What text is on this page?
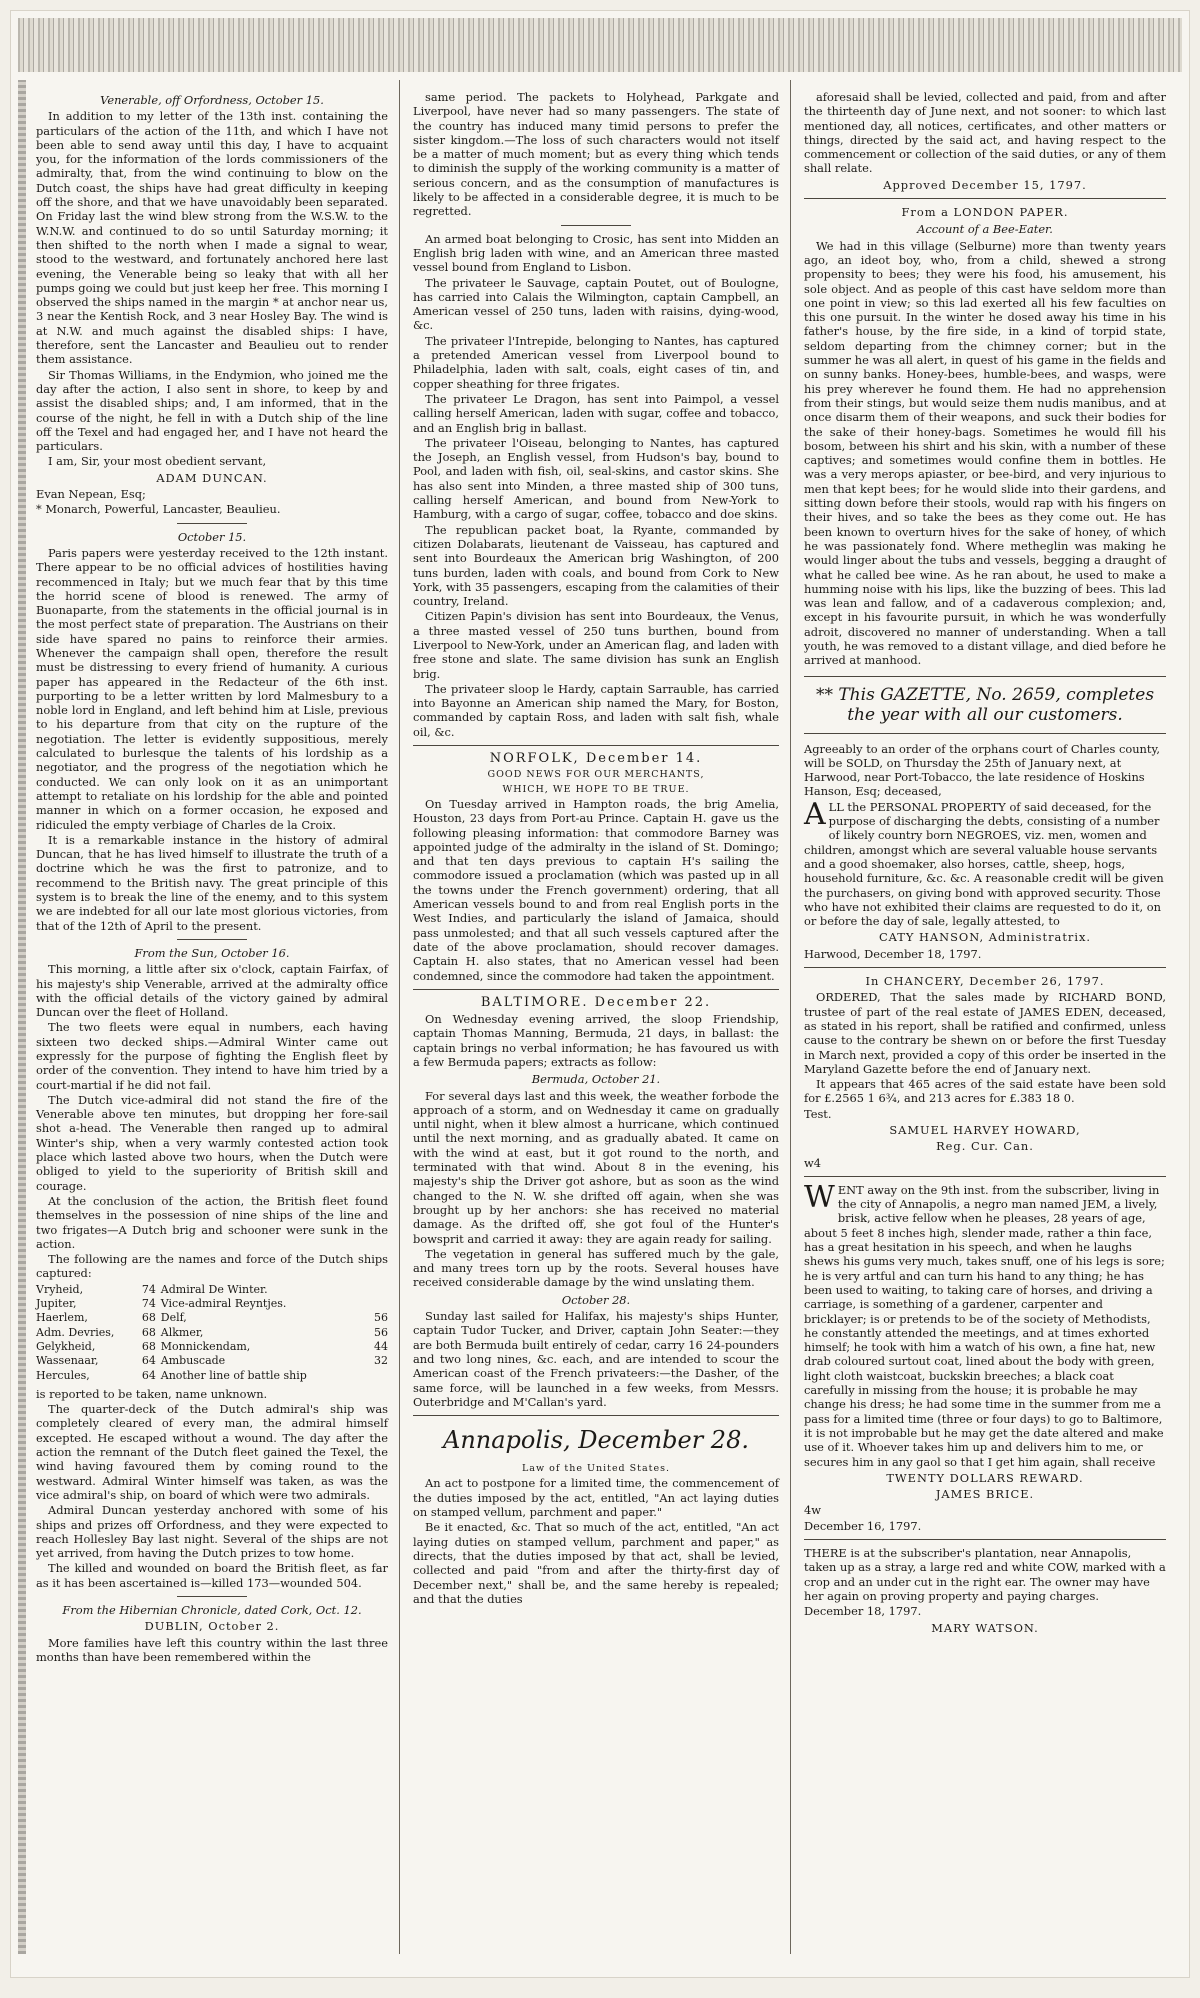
Venerable, off Orfordness, October 15.

In addition to my letter of the 13th inst. containing the particulars of the action of the 11th, and which I have not been able to send away until this day, I have to acquaint you, for the information of the lords commissioners of the admiralty, that, from the wind continuing to blow on the Dutch coast, the ships have had great difficulty in keeping off the shore, and that we have unavoidably been separated. On Friday last the wind blew strong from the W.S.W. to the W.N.W. and continued to do so until Saturday morning; it then shifted to the north when I made a signal to wear, stood to the westward, and fortunately anchored here last evening, the Venerable being so leaky that with all her pumps going we could but just keep her free. This morning I observed the ships named in the margin * at anchor near us, 3 near the Kentish Rock, and 3 near Hosley Bay. The wind is at N.W. and much against the disabled ships: I have, therefore, sent the Lancaster and Beaulieu out to render them assistance.

Sir Thomas Williams, in the Endymion, who joined me the day after the action, I also sent in shore, to keep by and assist the disabled ships; and, I am informed, that in the course of the night, he fell in with a Dutch ship of the line off the Texel and had engaged her, and I have not heard the particulars.

I am, Sir, your most obedient servant,

ADAM DUNCAN.

Evan Nepean, Esq;

* Monarch, Powerful, Lancaster, Beaulieu.

October 15.

Paris papers were yesterday received to the 12th instant. There appear to be no official advices of hostilities having recommenced in Italy; but we much fear that by this time the horrid scene of blood is renewed. The army of Buonaparte, from the statements in the official journal is in the most perfect state of preparation. The Austrians on their side have spared no pains to reinforce their armies. Whenever the campaign shall open, therefore the result must be distressing to every friend of humanity. A curious paper has appeared in the Redacteur of the 6th inst. purporting to be a letter written by lord Malmesbury to a noble lord in England, and left behind him at Lisle, previous to his departure from that city on the rupture of the negotiation. The letter is evidently suppositious, merely calculated to burlesque the talents of his lordship as a negotiator, and the progress of the negotiation which he conducted. We can only look on it as an unimportant attempt to retaliate on his lordship for the able and pointed manner in which on a former occasion, he exposed and ridiculed the empty verbiage of Charles de la Croix.

It is a remarkable instance in the history of admiral Duncan, that he has lived himself to illustrate the truth of a doctrine which he was the first to patronize, and to recommend to the British navy. The great principle of this system is to break the line of the enemy, and to this system we are indebted for all our late most glorious victories, from that of the 12th of April to the present.

From the Sun, October 16.

This morning, a little after six o'clock, captain Fairfax, of his majesty's ship Venerable, arrived at the admiralty office with the official details of the victory gained by admiral Duncan over the fleet of Holland.

The two fleets were equal in numbers, each having sixteen two decked ships.—Admiral Winter came out expressly for the purpose of fighting the English fleet by order of the convention. They intend to have him tried by a court-martial if he did not fail.

The Dutch vice-admiral did not stand the fire of the Venerable above ten minutes, but dropping her fore-sail shot a-head. The Venerable then ranged up to admiral Winter's ship, when a very warmly contested action took place which lasted above two hours, when the Dutch were obliged to yield to the superiority of British skill and courage.

At the conclusion of the action, the British fleet found themselves in the possession of nine ships of the line and two frigates—A Dutch brig and schooner were sunk in the action.

The following are the names and force of the Dutch ships captured:

Vryheid,	74	Admiral De Winter.	
Jupiter,	74	Vice-admiral Reyntjes.	
Haerlem,	68	Delf,	56
Adm. Devries,	68	Alkmer,	56
Gelykheid,	68	Monnickendam,	44
Wassenaar,	64	Ambuscade	32
Hercules,	64	Another line of battle ship	

is reported to be taken, name unknown.

The quarter-deck of the Dutch admiral's ship was completely cleared of every man, the admiral himself excepted. He escaped without a wound. The day after the action the remnant of the Dutch fleet gained the Texel, the wind having favoured them by coming round to the westward. Admiral Winter himself was taken, as was the vice admiral's ship, on board of which were two admirals.

Admiral Duncan yesterday anchored with some of his ships and prizes off Orfordness, and they were expected to reach Hollesley Bay last night. Several of the ships are not yet arrived, from having the Dutch prizes to tow home.

The killed and wounded on board the British fleet, as far as it has been ascertained is—killed 173—wounded 504.

From the Hibernian Chronicle, dated Cork, Oct. 12.

DUBLIN, October 2.

More families have left this country within the last three months than have been remembered within the

same period. The packets to Holyhead, Parkgate and Liverpool, have never had so many passengers. The state of the country has induced many timid persons to prefer the sister kingdom.—The loss of such characters would not itself be a matter of much moment; but as every thing which tends to diminish the supply of the working community is a matter of serious concern, and as the consumption of manufactures is likely to be affected in a considerable degree, it is much to be regretted.

An armed boat belonging to Crosic, has sent into Midden an English brig laden with wine, and an American three masted vessel bound from England to Lisbon.

The privateer le Sauvage, captain Poutet, out of Boulogne, has carried into Calais the Wilmington, captain Campbell, an American vessel of 250 tuns, laden with raisins, dying-wood, &c.

The privateer l'Intrepide, belonging to Nantes, has captured a pretended American vessel from Liverpool bound to Philadelphia, laden with salt, coals, eight cases of tin, and copper sheathing for three frigates.

The privateer Le Dragon, has sent into Paimpol, a vessel calling herself American, laden with sugar, coffee and tobacco, and an English brig in ballast.

The privateer l'Oiseau, belonging to Nantes, has captured the Joseph, an English vessel, from Hudson's bay, bound to Pool, and laden with fish, oil, seal-skins, and castor skins. She has also sent into Minden, a three masted ship of 300 tuns, calling herself American, and bound from New-York to Hamburg, with a cargo of sugar, coffee, tobacco and doe skins.

The republican packet boat, la Ryante, commanded by citizen Dolabarats, lieutenant de Vaisseau, has captured and sent into Bourdeaux the American brig Washington, of 200 tuns burden, laden with coals, and bound from Cork to New York, with 35 passengers, escaping from the calamities of their country, Ireland.

Citizen Papin's division has sent into Bourdeaux, the Venus, a three masted vessel of 250 tuns burthen, bound from Liverpool to New-York, under an American flag, and laden with free stone and slate. The same division has sunk an English brig.

The privateer sloop le Hardy, captain Sarrauble, has carried into Bayonne an American ship named the Mary, for Boston, commanded by captain Ross, and laden with salt fish, whale oil, &c.

NORFOLK, December 14.

GOOD NEWS FOR OUR MERCHANTS,

WHICH, WE HOPE TO BE TRUE.

On Tuesday arrived in Hampton roads, the brig Amelia, Houston, 23 days from Port-au Prince. Captain H. gave us the following pleasing information: that commodore Barney was appointed judge of the admiralty in the island of St. Domingo; and that ten days previous to captain H's sailing the commodore issued a proclamation (which was pasted up in all the towns under the French government) ordering, that all American vessels bound to and from real English ports in the West Indies, and particularly the island of Jamaica, should pass unmolested; and that all such vessels captured after the date of the above proclamation, should recover damages. Captain H. also states, that no American vessel had been condemned, since the commodore had taken the appointment.

BALTIMORE. December 22.

On Wednesday evening arrived, the sloop Friendship, captain Thomas Manning, Bermuda, 21 days, in ballast: the captain brings no verbal information; he has favoured us with a few Bermuda papers; extracts as follow:

Bermuda, October 21.

For several days last and this week, the weather forbode the approach of a storm, and on Wednesday it came on gradually until night, when it blew almost a hurricane, which continued until the next morning, and as gradually abated. It came on with the wind at east, but it got round to the north, and terminated with that wind. About 8 in the evening, his majesty's ship the Driver got ashore, but as soon as the wind changed to the N. W. she drifted off again, when she was brought up by her anchors: she has received no material damage. As the drifted off, she got foul of the Hunter's bowsprit and carried it away: they are again ready for sailing.

The vegetation in general has suffered much by the gale, and many trees torn up by the roots. Several houses have received considerable damage by the wind unslating them.

October 28.

Sunday last sailed for Halifax, his majesty's ships Hunter, captain Tudor Tucker, and Driver, captain John Seater:—they are both Bermuda built entirely of cedar, carry 16 24-pounders and two long nines, &c. each, and are intended to scour the American coast of the French privateers:—the Dasher, of the same force, will be launched in a few weeks, from Messrs. Outerbridge and M'Callan's yard.

Annapolis, December 28.

Law of the United States.

An act to postpone for a limited time, the commencement of the duties imposed by the act, entitled, "An act laying duties on stamped vellum, parchment and paper."

Be it enacted, &c. That so much of the act, entitled, "An act laying duties on stamped vellum, parchment and paper," as directs, that the duties imposed by that act, shall be levied, collected and paid "from and after the thirty-first day of December next," shall be, and the same hereby is repealed; and that the duties

aforesaid shall be levied, collected and paid, from and after the thirteenth day of June next, and not sooner: to which last mentioned day, all notices, certificates, and other matters or things, directed by the said act, and having respect to the commencement or collection of the said duties, or any of them shall relate.

Approved December 15, 1797.

From a LONDON PAPER.

Account of a Bee-Eater.

We had in this village (Selburne) more than twenty years ago, an ideot boy, who, from a child, shewed a strong propensity to bees; they were his food, his amusement, his sole object. And as people of this cast have seldom more than one point in view; so this lad exerted all his few faculties on this one pursuit. In the winter he dosed away his time in his father's house, by the fire side, in a kind of torpid state, seldom departing from the chimney corner; but in the summer he was all alert, in quest of his game in the fields and on sunny banks. Honey-bees, humble-bees, and wasps, were his prey wherever he found them. He had no apprehension from their stings, but would seize them nudis manibus, and at once disarm them of their weapons, and suck their bodies for the sake of their honey-bags. Sometimes he would fill his bosom, between his shirt and his skin, with a number of these captives; and sometimes would confine them in bottles. He was a very merops apiaster, or bee-bird, and very injurious to men that kept bees; for he would slide into their gardens, and sitting down before their stools, would rap with his fingers on their hives, and so take the bees as they come out. He has been known to overturn hives for the sake of honey, of which he was passionately fond. Where metheglin was making he would linger about the tubs and vessels, begging a draught of what he called bee wine. As he ran about, he used to make a humming noise with his lips, like the buzzing of bees. This lad was lean and fallow, and of a cadaverous complexion; and, except in his favourite pursuit, in which he was wonderfully adroit, discovered no manner of understanding. When a tall youth, he was removed to a distant village, and died before he arrived at manhood.

** This GAZETTE, No. 2659, completes the year with all our customers.

Agreeably to an order of the orphans court of Charles county, will be SOLD, on Thursday the 25th of January next, at Harwood, near Port-Tobacco, the late residence of Hoskins Hanson, Esq; deceased,

ALL the PERSONAL PROPERTY of said deceased, for the purpose of discharging the debts, consisting of a number of likely country born NEGROES, viz. men, women and children, amongst which are several valuable house servants and a good shoemaker, also horses, cattle, sheep, hogs, household furniture, &c. &c. A reasonable credit will be given the purchasers, on giving bond with approved security. Those who have not exhibited their claims are requested to do it, on or before the day of sale, legally attested, to

CATY HANSON, Administratrix.

Harwood, December 18, 1797.

In CHANCERY, December 26, 1797.

ORDERED, That the sales made by RICHARD BOND, trustee of part of the real estate of JAMES EDEN, deceased, as stated in his report, shall be ratified and confirmed, unless cause to the contrary be shewn on or before the first Tuesday in March next, provided a copy of this order be inserted in the Maryland Gazette before the end of January next.

It appears that 465 acres of the said estate have been sold for £.2565 1 6¾, and 213 acres for £.383 18 0.

Test.

SAMUEL HARVEY HOWARD,

Reg. Cur. Can.

w4

WENT away on the 9th inst. from the subscriber, living in the city of Annapolis, a negro man named JEM, a lively, brisk, active fellow when he pleases, 28 years of age, about 5 feet 8 inches high, slender made, rather a thin face, has a great hesitation in his speech, and when he laughs shews his gums very much, takes snuff, one of his legs is sore; he is very artful and can turn his hand to any thing; he has been used to waiting, to taking care of horses, and driving a carriage, is something of a gardener, carpenter and bricklayer; is or pretends to be of the society of Methodists, he constantly attended the meetings, and at times exhorted himself; he took with him a watch of his own, a fine hat, new drab coloured surtout coat, lined about the body with green, light cloth waistcoat, buckskin breeches; a black coat carefully in missing from the house; it is probable he may change his dress; he had some time in the summer from me a pass for a limited time (three or four days) to go to Baltimore, it is not improbable but he may get the date altered and make use of it. Whoever takes him up and delivers him to me, or secures him in any gaol so that I get him again, shall receive

TWENTY DOLLARS REWARD.

JAMES BRICE.

4w

December 16, 1797.

THERE is at the subscriber's plantation, near Annapolis, taken up as a stray, a large red and white COW, marked with a crop and an under cut in the right ear. The owner may have her again on proving property and paying charges.

December 18, 1797.

MARY WATSON.
